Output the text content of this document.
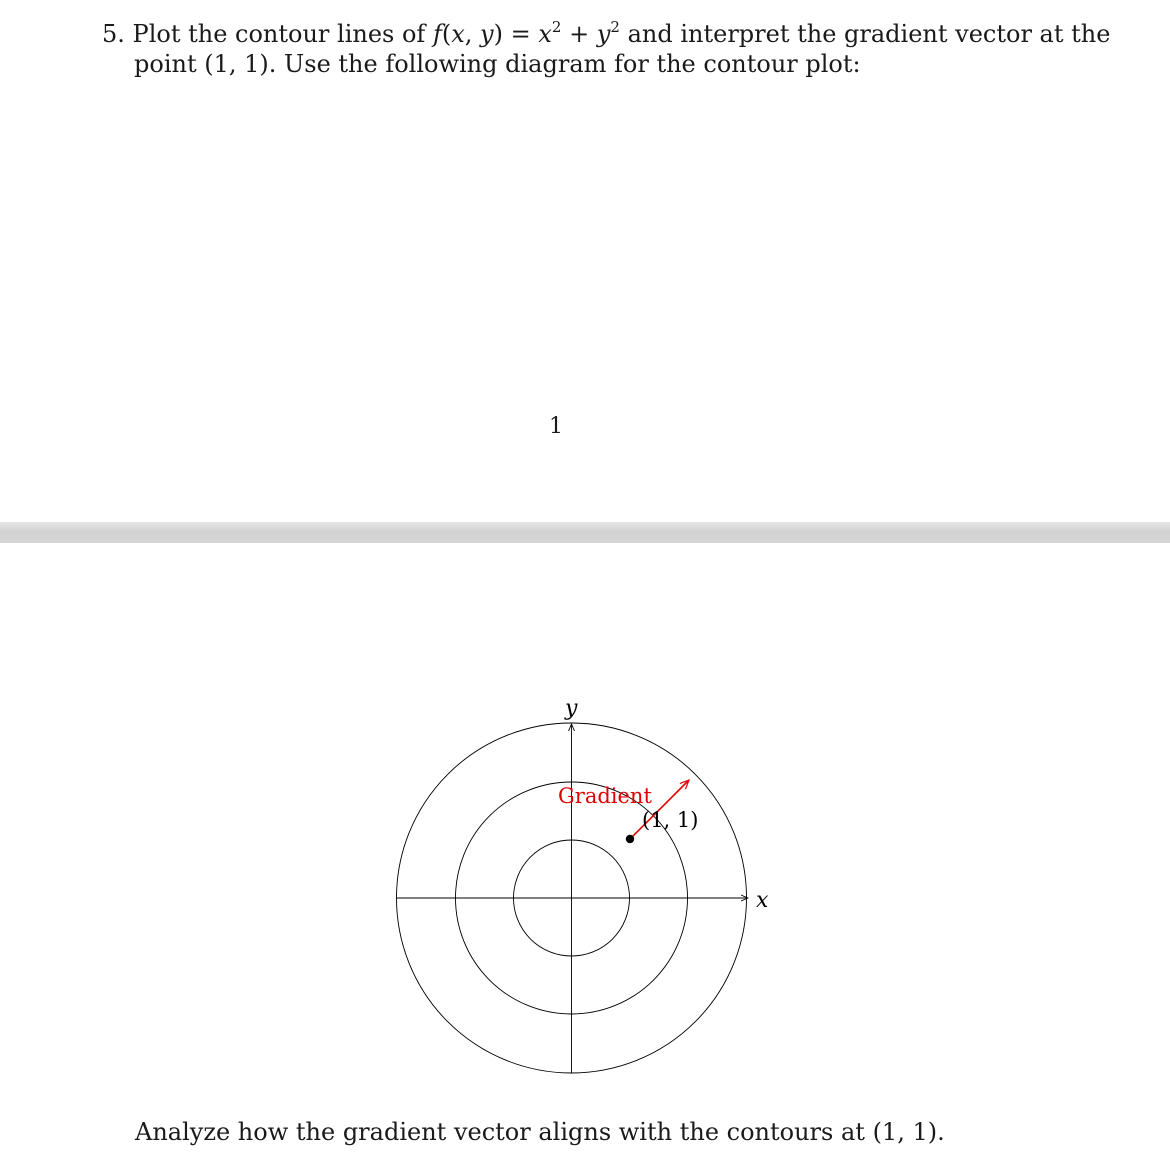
5. Plot the contour lines of f(x, $y) = x^2 + y^2$ and interpret the gradient vector at the
point (1, 1). Use the following diagram for the contour plot:
1
y
x
Gradient
(1, 1)
Analyze how the gradient vector aligns with the contours at (1, 1).
